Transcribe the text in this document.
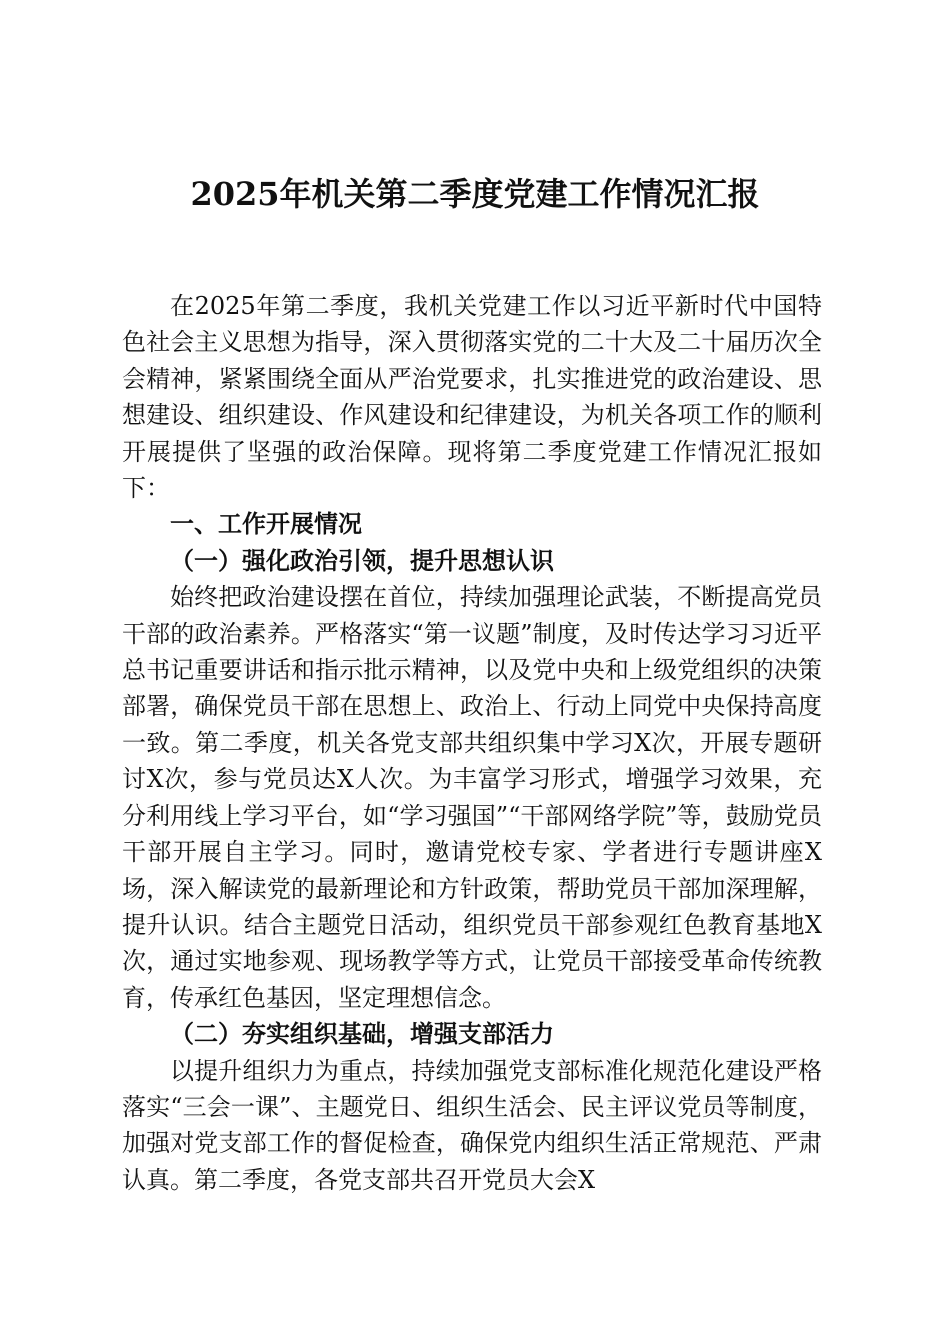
2025年机关第二季度党建工作情况汇报

在2025年第二季度，我机关党建工作以习近平新时代中国特色社会主义思想为指导，深入贯彻落实党的二十大及二十届历次全会精神，紧紧围绕全面从严治党要求，扎实推进党的政治建设、思想建设、组织建设、作风建设和纪律建设，为机关各项工作的顺利开展提供了坚强的政治保障。现将第二季度党建工作情况汇报如下：

一、工作开展情况

（一）强化政治引领，提升思想认识

始终把政治建设摆在首位，持续加强理论武装，不断提高党员干部的政治素养。严格落实“第一议题”制度，及时传达学习习近平总书记重要讲话和指示批示精神，以及党中央和上级党组织的决策部署，确保党员干部在思想上、政治上、行动上同党中央保持高度一致。第二季度，机关各党支部共组织集中学习X次，开展专题研讨X次，参与党员达X人次。为丰富学习形式，增强学习效果，充分利用线上学习平台，如“学习强国”“干部网络学院”等，鼓励党员干部开展自主学习。同时，邀请党校专家、学者进行专题讲座X场，深入解读党的最新理论和方针政策，帮助党员干部加深理解，提升认识。结合主题党日活动，组织党员干部参观红色教育基地X次，通过实地参观、现场教学等方式，让党员干部接受革命传统教育，传承红色基因，坚定理想信念。

（二）夯实组织基础，增强支部活力

以提升组织力为重点，持续加强党支部标准化规范化建设严格落实“三会一课”、主题党日、组织生活会、民主评议党员等制度，加强对党支部工作的督促检查，确保党内组织生活正常规范、严肃认真。第二季度，各党支部共召开党员大会X
